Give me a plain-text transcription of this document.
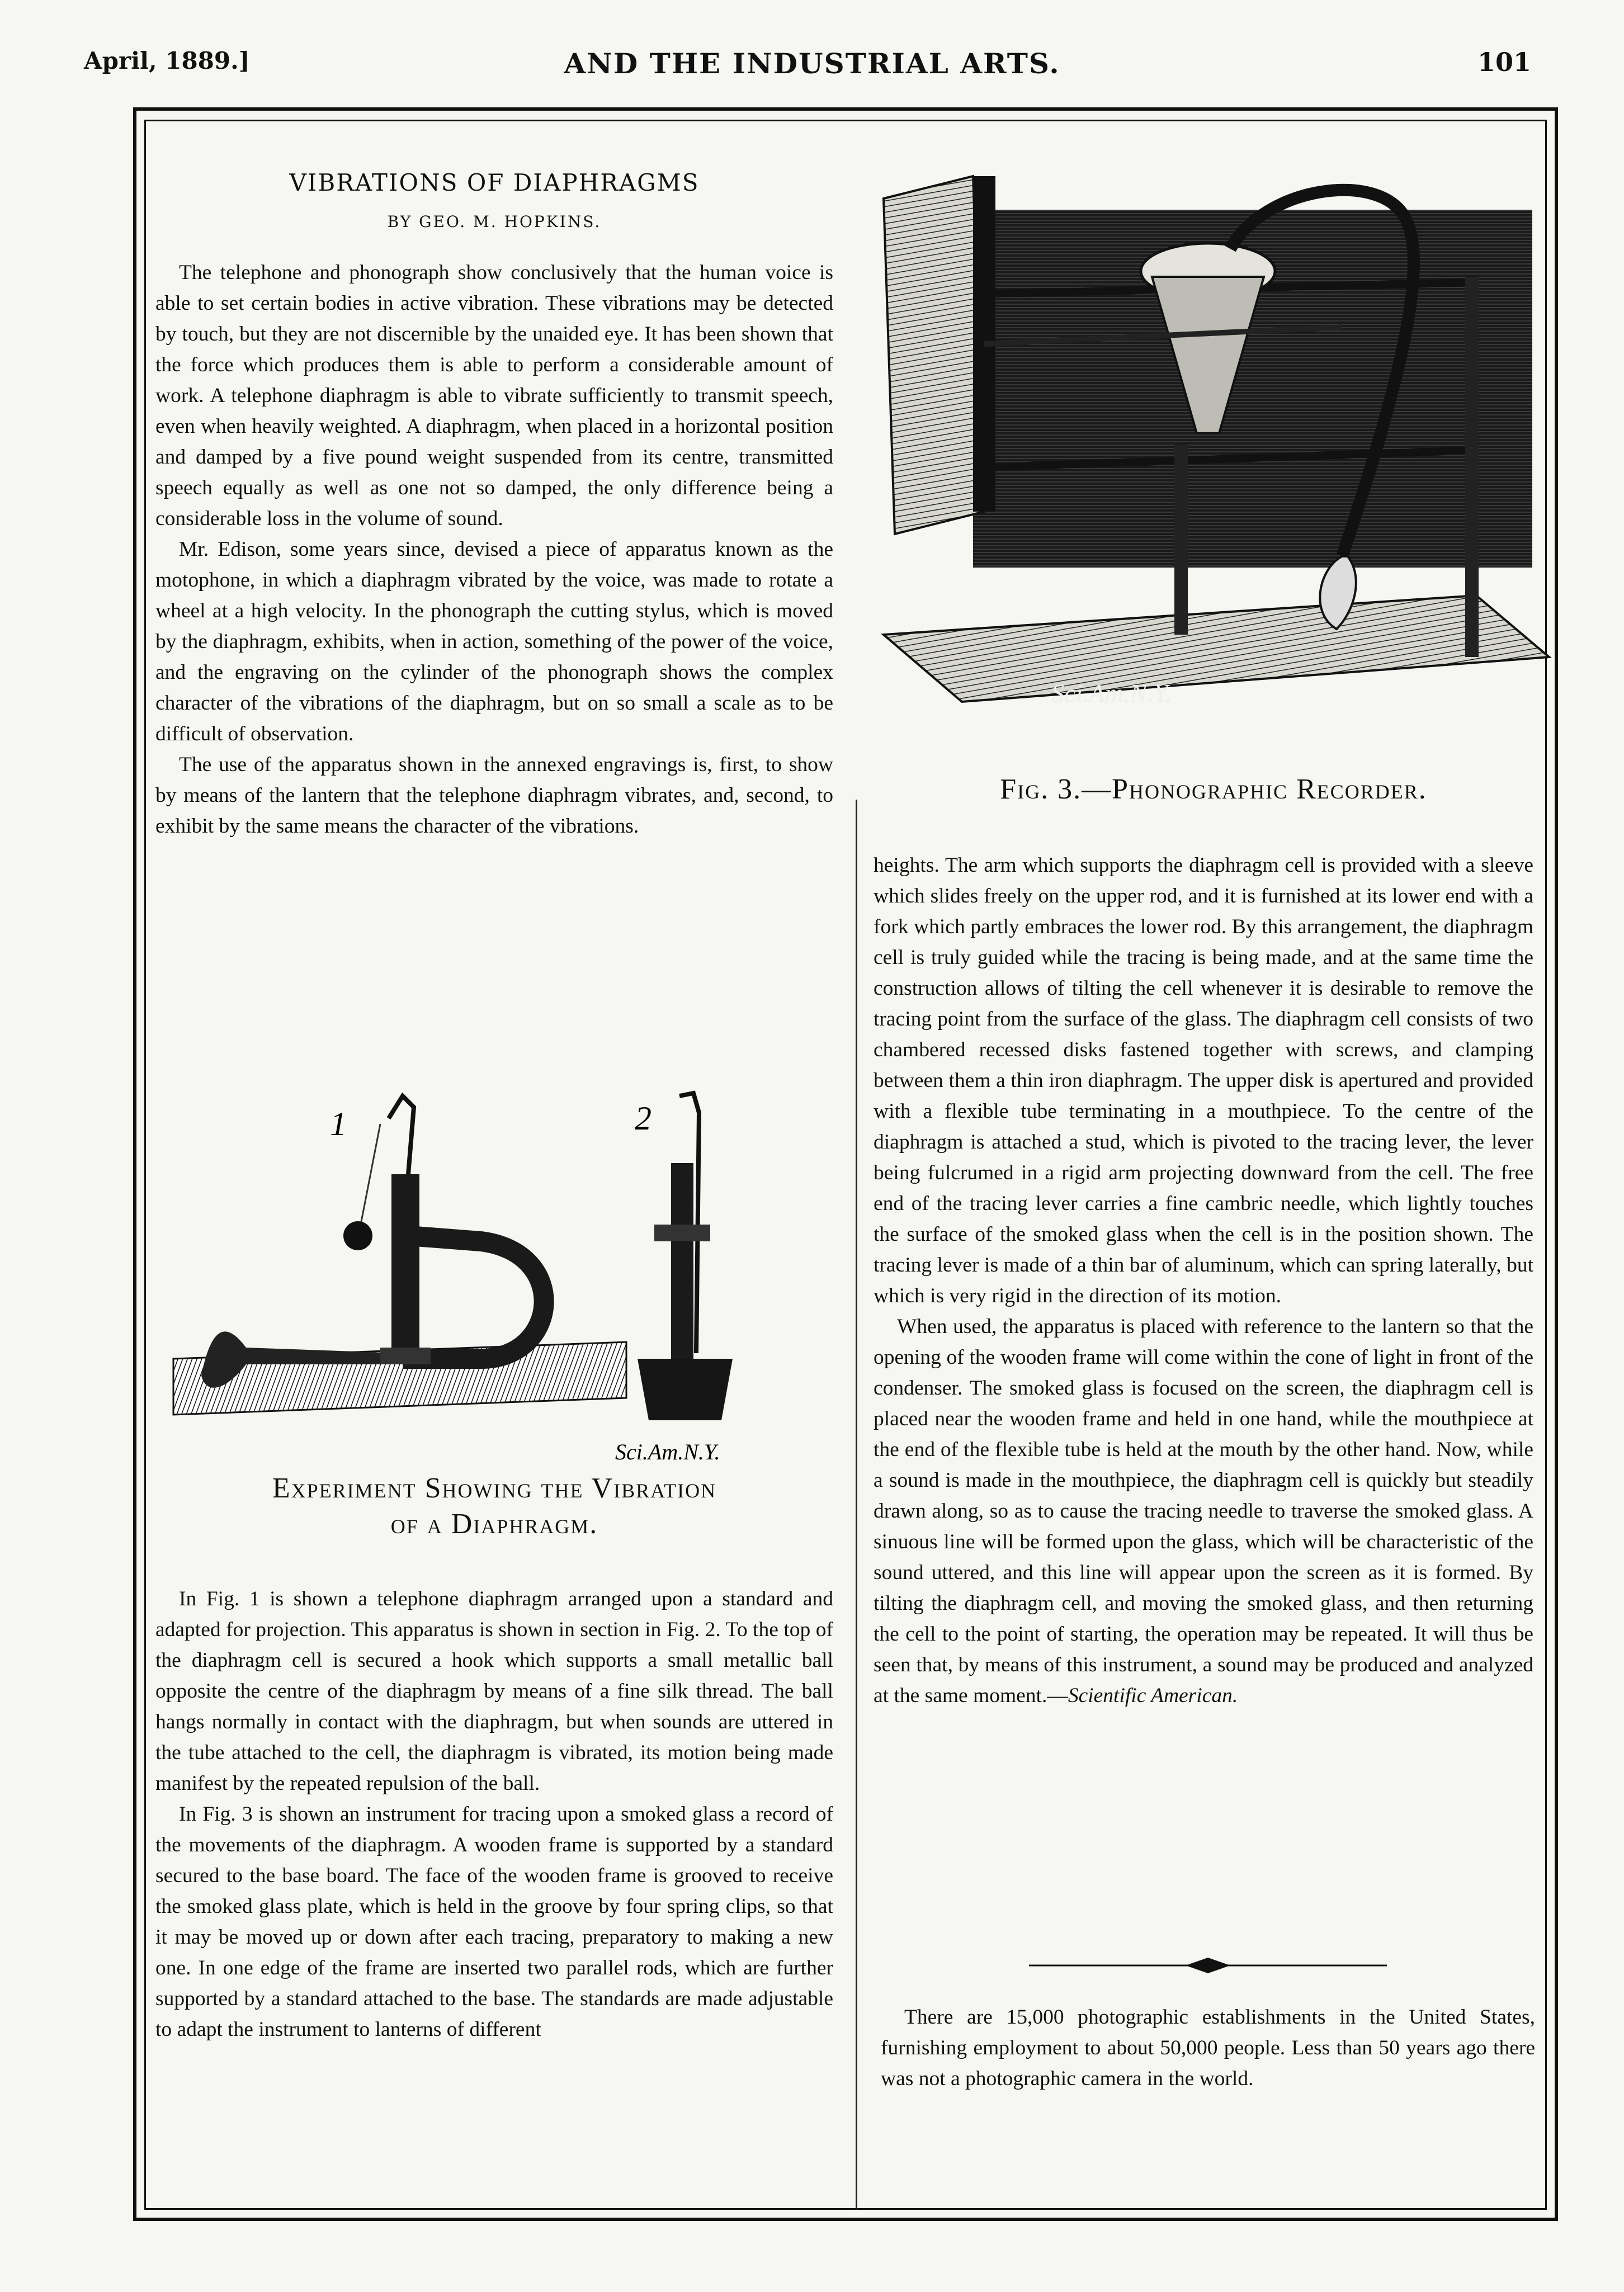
April, 1889.]	AND THE INDUSTRIAL ARTS.	101
VIBRATIONS OF DIAPHRAGMS
BY GEO. M. HOPKINS.

The telephone and phonograph show conclusively that the human voice is able to set certain bodies in active vibration. These vibrations may be detected by touch, but they are not discernible by the unaided eye. It has been shown that the force which produces them is able to perform a considerable amount of work. A telephone diaphragm is able to vibrate sufficiently to transmit speech, even when heavily weighted. A diaphragm, when placed in a horizontal position and damped by a five pound weight suspended from its centre, transmitted speech equally as well as one not so damped, the only difference being a considerable loss in the volume of sound.

Mr. Edison, some years since, devised a piece of apparatus known as the motophone, in which a diaphragm vibrated by the voice, was made to rotate a wheel at a high velocity. In the phonograph the cutting stylus, which is moved by the diaphragm, exhibits, when in action, something of the power of the voice, and the engraving on the cylinder of the phonograph shows the complex character of the vibrations of the diaphragm, but on so small a scale as to be difficult of observation.

The use of the apparatus shown in the annexed engravings is, first, to show by means of the lantern that the telephone diaphragm vibrates, and, second, to exhibit by the same means the character of the vibrations.

1	2
Sci.Am.N.Y.
Experiment Showing the Vibration
of a Diaphragm.

In Fig. 1 is shown a telephone diaphragm arranged upon a standard and adapted for projection. This apparatus is shown in section in Fig. 2. To the top of the diaphragm cell is secured a hook which supports a small metallic ball opposite the centre of the diaphragm by means of a fine silk thread. The ball hangs normally in contact with the diaphragm, but when sounds are uttered in the tube attached to the cell, the diaphragm is vibrated, its motion being made manifest by the repeated repulsion of the ball.

In Fig. 3 is shown an instrument for tracing upon a smoked glass a record of the movements of the diaphragm. A wooden frame is supported by a standard secured to the base board. The face of the wooden frame is grooved to receive the smoked glass plate, which is held in the groove by four spring clips, so that it may be moved up or down after each tracing, preparatory to making a new one. In one edge of the frame are inserted two parallel rods, which are further supported by a standard attached to the base. The standards are made adjustable to adapt the instrument to lanterns of different

Sci.Am.N.Y.
Fig. 3.—Phonographic Recorder.

heights. The arm which supports the diaphragm cell is provided with a sleeve which slides freely on the upper rod, and it is furnished at its lower end with a fork which partly embraces the lower rod. By this arrangement, the diaphragm cell is truly guided while the tracing is being made, and at the same time the construction allows of tilting the cell whenever it is desirable to remove the tracing point from the surface of the glass. The diaphragm cell consists of two chambered recessed disks fastened together with screws, and clamping between them a thin iron diaphragm. The upper disk is apertured and provided with a flexible tube terminating in a mouthpiece. To the centre of the diaphragm is attached a stud, which is pivoted to the tracing lever, the lever being fulcrumed in a rigid arm projecting downward from the cell. The free end of the tracing lever carries a fine cambric needle, which lightly touches the surface of the smoked glass when the cell is in the position shown. The tracing lever is made of a thin bar of aluminum, which can spring laterally, but which is very rigid in the direction of its motion.

When used, the apparatus is placed with reference to the lantern so that the opening of the wooden frame will come within the cone of light in front of the condenser. The smoked glass is focused on the screen, the diaphragm cell is placed near the wooden frame and held in one hand, while the mouthpiece at the end of the flexible tube is held at the mouth by the other hand. Now, while a sound is made in the mouthpiece, the diaphragm cell is quickly but steadily drawn along, so as to cause the tracing needle to traverse the smoked glass. A sinuous line will be formed upon the glass, which will be characteristic of the sound uttered, and this line will appear upon the screen as it is formed. By tilting the diaphragm cell, and moving the smoked glass, and then returning the cell to the point of starting, the operation may be repeated. It will thus be seen that, by means of this instrument, a sound may be produced and analyzed at the same moment.—Scientific American.

There are 15,000 photographic establishments in the United States, furnishing employment to about 50,000 people. Less than 50 years ago there was not a photographic camera in the world.
